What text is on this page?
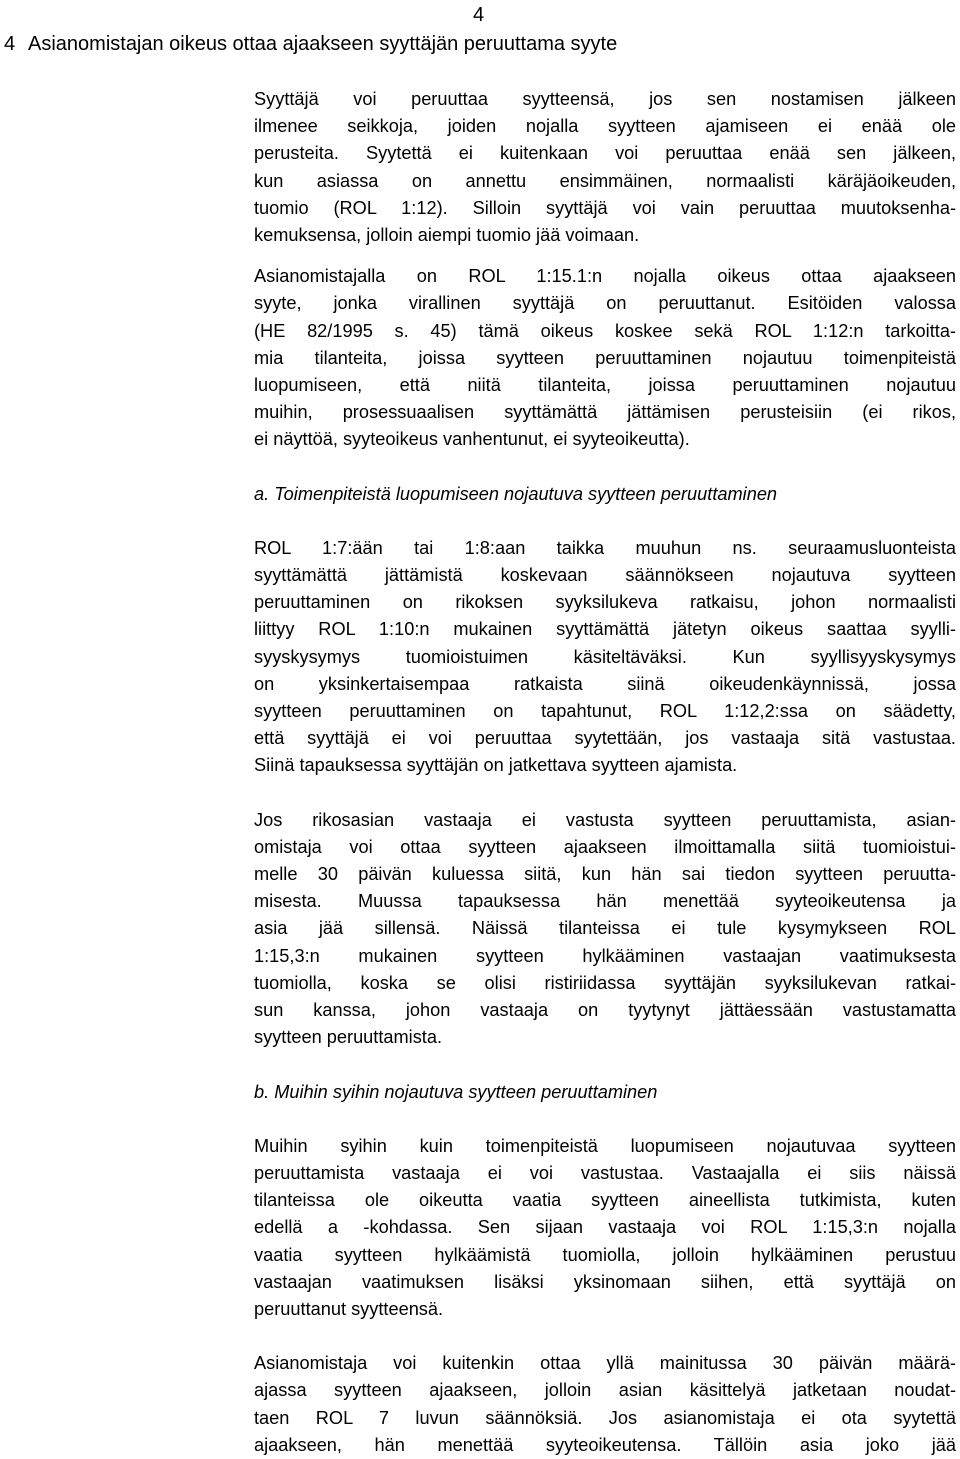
4
4 Asianomistajan oikeus ottaa ajaakseen syyttäjän peruuttama syyte
Syyttäjä voi peruuttaa syytteensä, jos sen nostamisen jälkeen
ilmenee seikkoja, joiden nojalla syytteen ajamiseen ei enää ole
perusteita. Syytettä ei kuitenkaan voi peruuttaa enää sen jälkeen,
kun asiassa on annettu ensimmäinen, normaalisti käräjäoikeuden,
tuomio (ROL 1:12). Silloin syyttäjä voi vain peruuttaa muutoksenha-
kemuksensa, jolloin aiempi tuomio jää voimaan.
Asianomistajalla on ROL 1:15.1:n nojalla oikeus ottaa ajaakseen
syyte, jonka virallinen syyttäjä on peruuttanut. Esitöiden valossa
(HE 82/1995 s. 45) tämä oikeus koskee sekä ROL 1:12:n tarkoitta-
mia tilanteita, joissa syytteen peruuttaminen nojautuu toimenpiteistä
luopumiseen, että niitä tilanteita, joissa peruuttaminen nojautuu
muihin, prosessuaalisen syyttämättä jättämisen perusteisiin (ei rikos,
ei näyttöä, syyteoikeus vanhentunut, ei syyteoikeutta).
a. Toimenpiteistä luopumiseen nojautuva syytteen peruuttaminen
ROL 1:7:ään tai 1:8:aan taikka muuhun ns. seuraamusluonteista
syyttämättä jättämistä koskevaan säännökseen nojautuva syytteen
peruuttaminen on rikoksen syyksilukeva ratkaisu, johon normaalisti
liittyy ROL 1:10:n mukainen syyttämättä jätetyn oikeus saattaa syylli-
syyskysymys tuomioistuimen käsiteltäväksi. Kun syyllisyyskysymys
on yksinkertaisempaa ratkaista siinä oikeudenkäynnissä, jossa
syytteen peruuttaminen on tapahtunut, ROL 1:12,2:ssa on säädetty,
että syyttäjä ei voi peruuttaa syytettään, jos vastaaja sitä vastustaa.
Siinä tapauksessa syyttäjän on jatkettava syytteen ajamista.
Jos rikosasian vastaaja ei vastusta syytteen peruuttamista, asian-
omistaja voi ottaa syytteen ajaakseen ilmoittamalla siitä tuomioistui-
melle 30 päivän kuluessa siitä, kun hän sai tiedon syytteen peruutta-
misesta. Muussa tapauksessa hän menettää syyteoikeutensa ja
asia jää sillensä. Näissä tilanteissa ei tule kysymykseen ROL
1:15,3:n mukainen syytteen hylkääminen vastaajan vaatimuksesta
tuomiolla, koska se olisi ristiriidassa syyttäjän syyksilukevan ratkai-
sun kanssa, johon vastaaja on tyytynyt jättäessään vastustamatta
syytteen peruuttamista.
b. Muihin syihin nojautuva syytteen peruuttaminen
Muihin syihin kuin toimenpiteistä luopumiseen nojautuvaa syytteen
peruuttamista vastaaja ei voi vastustaa. Vastaajalla ei siis näissä
tilanteissa ole oikeutta vaatia syytteen aineellista tutkimista, kuten
edellä a -kohdassa. Sen sijaan vastaaja voi ROL 1:15,3:n nojalla
vaatia syytteen hylkäämistä tuomiolla, jolloin hylkääminen perustuu
vastaajan vaatimuksen lisäksi yksinomaan siihen, että syyttäjä on
peruuttanut syytteensä.
Asianomistaja voi kuitenkin ottaa yllä mainitussa 30 päivän määrä-
ajassa syytteen ajaakseen, jolloin asian käsittelyä jatketaan noudat-
taen ROL 7 luvun säännöksiä. Jos asianomistaja ei ota syytettä
ajaakseen, hän menettää syyteoikeutensa. Tällöin asia joko jää
